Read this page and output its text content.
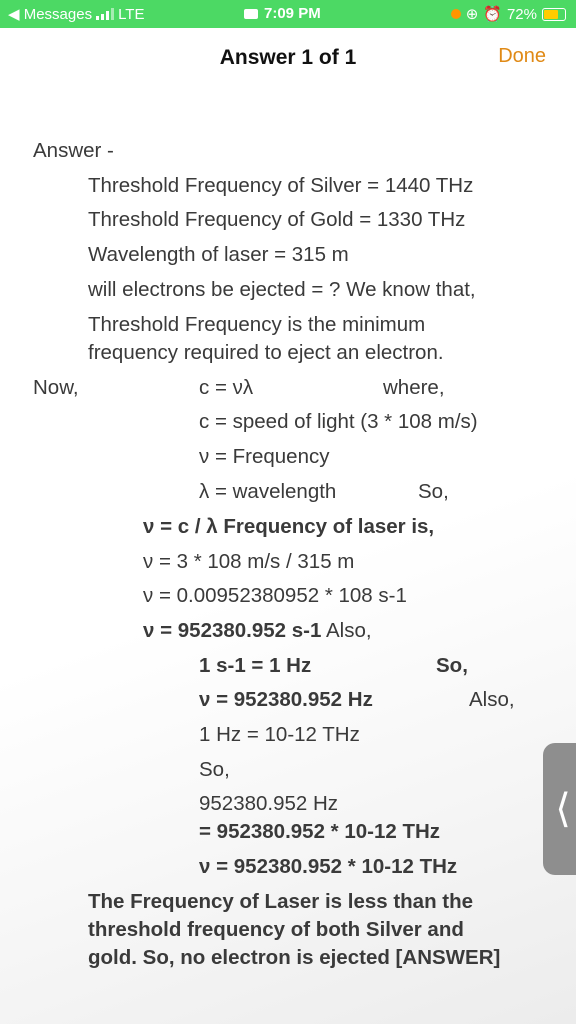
◀ Messages LTE	7:09 PM	⊕ ⏰ 72%
Answer 1 of 1	Done
Answer -
Threshold Frequency of Silver = 1440 THz
Threshold Frequency of Gold = 1330 THz
Wavelength of laser = 315 m
will electrons be ejected = ? We know that,
Threshold Frequency is the minimum
frequency required to eject an electron.
Now,	c = νλ	where,
c = speed of light (3 * 108 m/s)
ν = Frequency
λ = wavelength	So,
ν = c / λ Frequency of laser is,
ν = 3 * 108 m/s / 315 m
ν = 0.00952380952 * 108 s-1
ν = 952380.952 s-1 Also,
1 s-1 = 1 Hz	So,
ν = 952380.952 Hz	Also,
1 Hz = 10-12 THz
So,
952380.952 Hz
= 952380.952 * 10-12 THz
ν = 952380.952 * 10-12 THz
The Frequency of Laser is less than the
threshold frequency of both Silver and
gold. So, no electron is ejected [ANSWER]
⟨
